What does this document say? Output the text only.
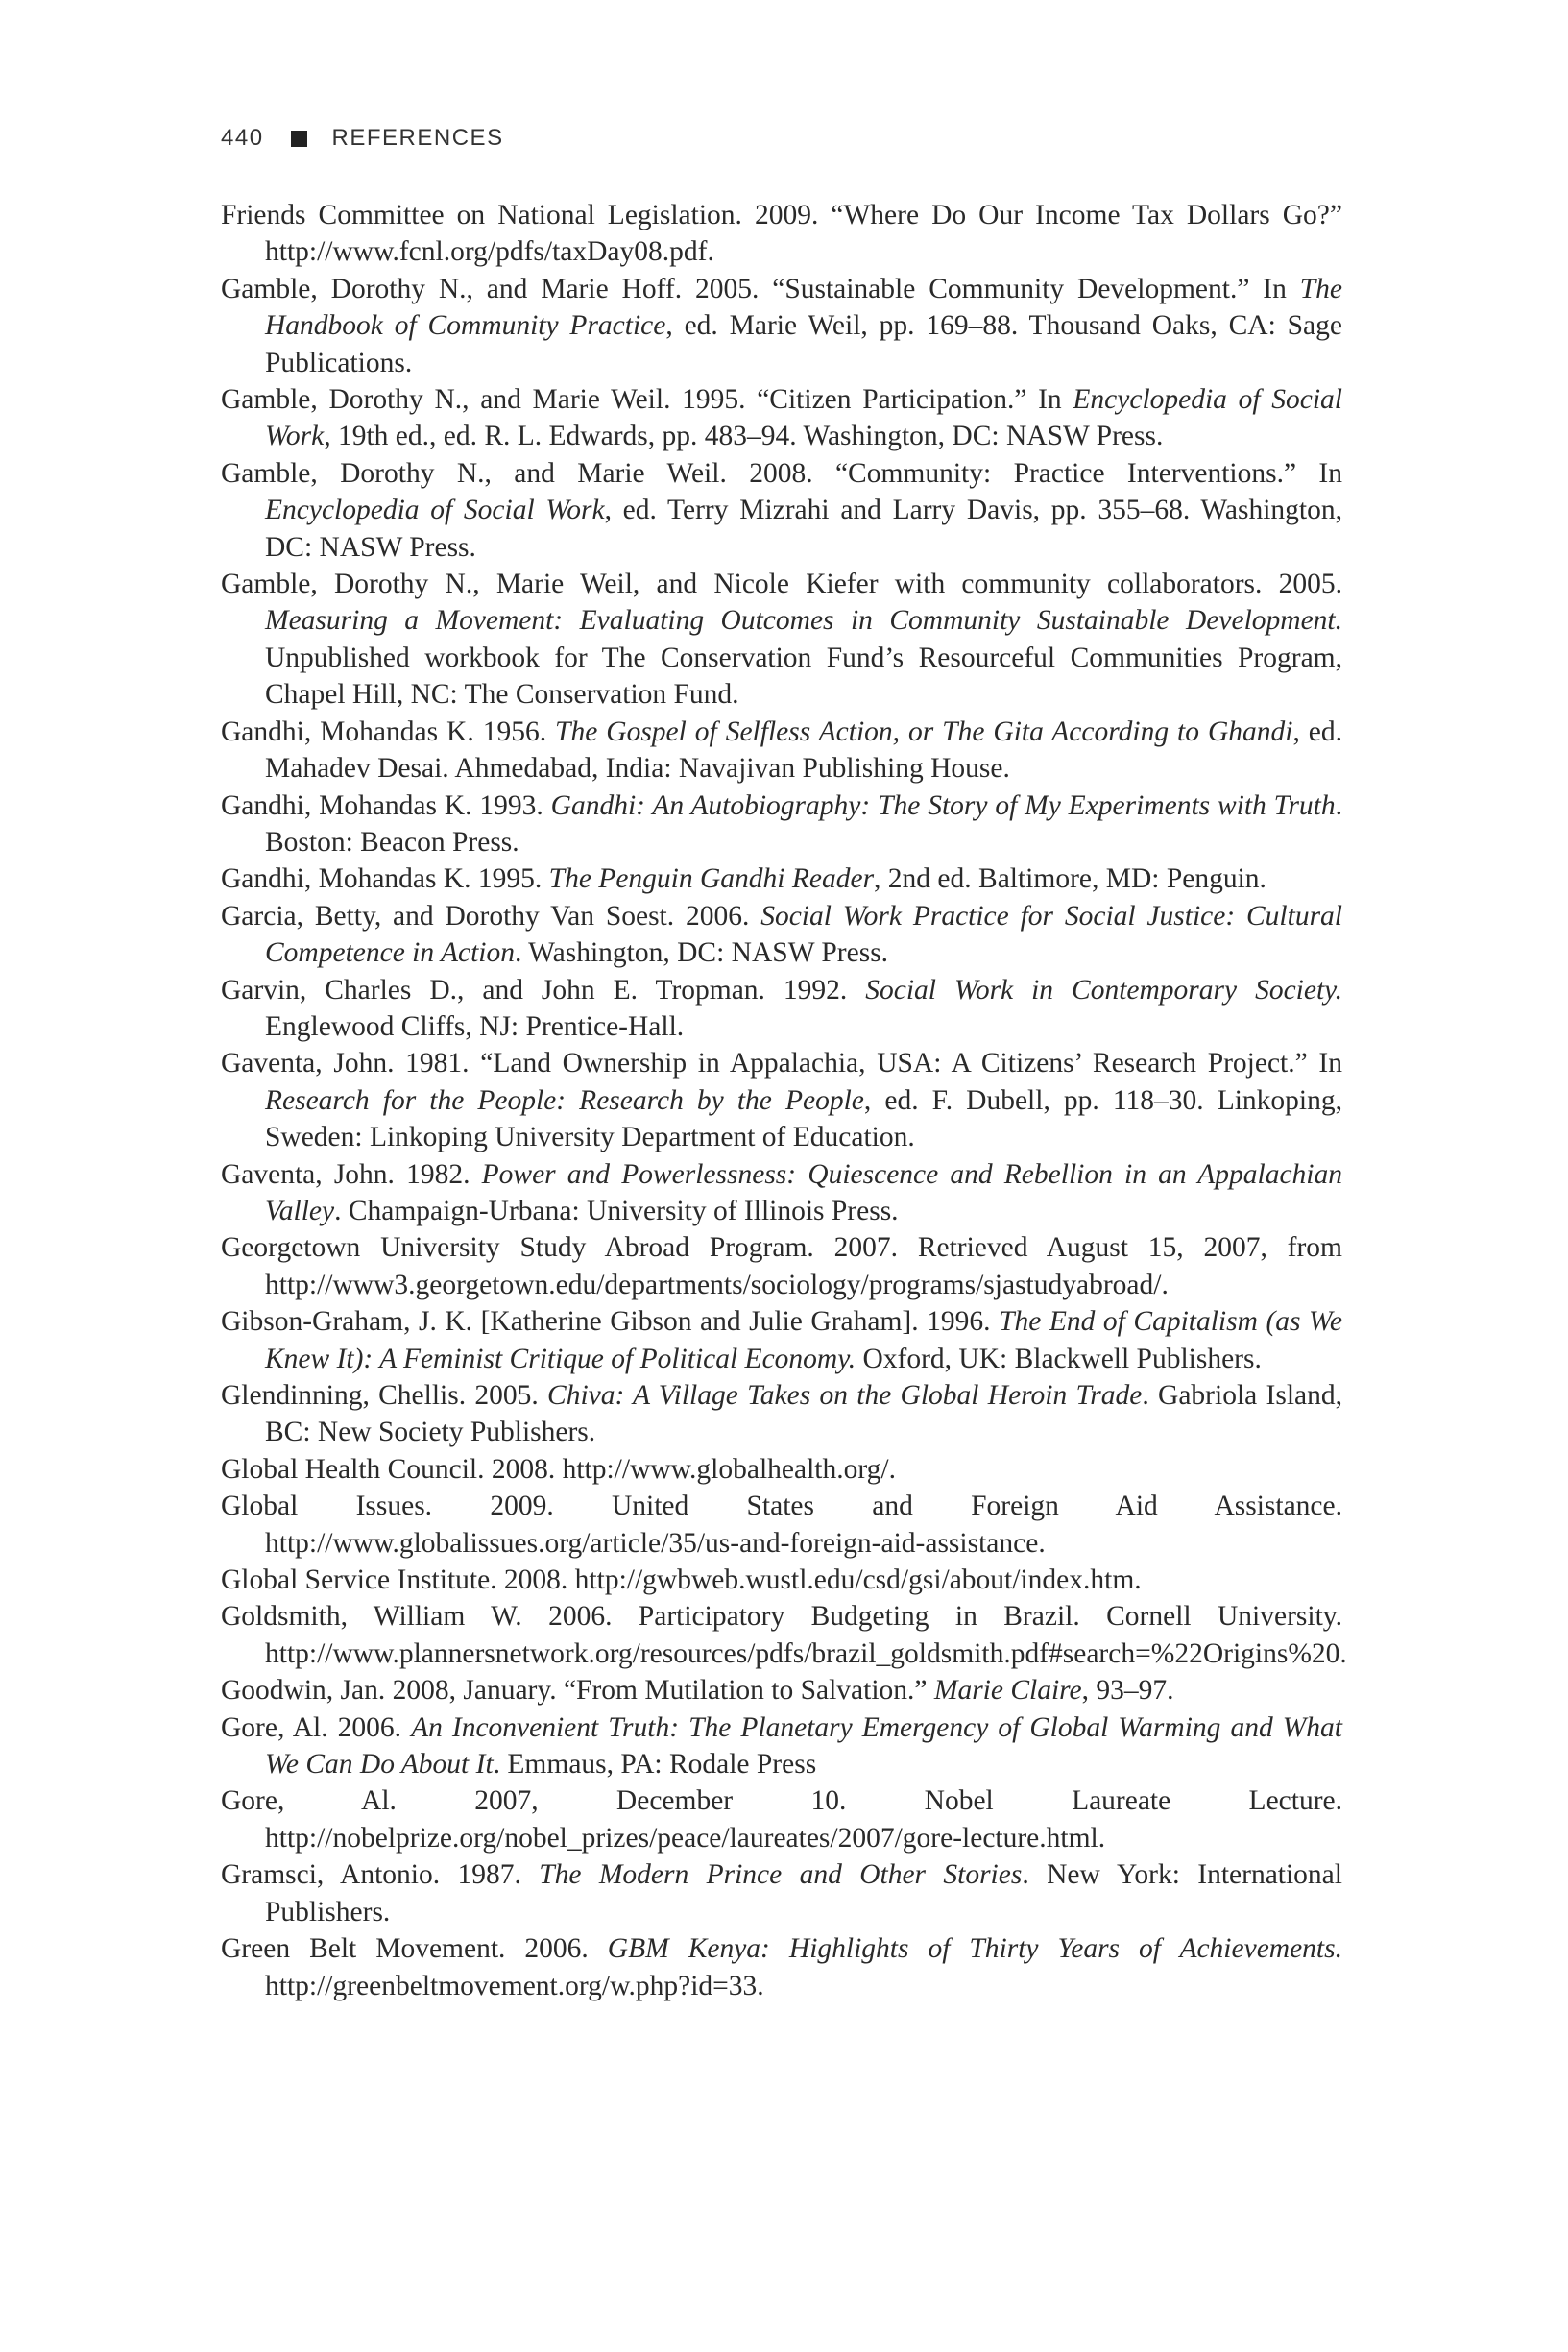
440	REFERENCES

Friends Committee on National Legislation. 2009. “Where Do Our Income Tax Dollars Go?” http://www.fcnl.org/pdfs/taxDay08.pdf.

Gamble, Dorothy N., and Marie Hoff. 2005. “Sustainable Community Development.” In The Handbook of Community Practice, ed. Marie Weil, pp. 169–88. Thousand Oaks, CA: Sage Publications.

Gamble, Dorothy N., and Marie Weil. 1995. “Citizen Participation.” In Encyclopedia of Social Work, 19th ed., ed. R. L. Edwards, pp. 483–94. Washington, DC: NASW Press.

Gamble, Dorothy N., and Marie Weil. 2008. “Community: Practice Interventions.” In Encyclopedia of Social Work, ed. Terry Mizrahi and Larry Davis, pp. 355–68. Washington, DC: NASW Press.

Gamble, Dorothy N., Marie Weil, and Nicole Kiefer with community collaborators. 2005. Measuring a Movement: Evaluating Outcomes in Community Sustainable Development. Unpublished workbook for The Conservation Fund’s Resourceful Communities Program, Chapel Hill, NC: The Conservation Fund.

Gandhi, Mohandas K. 1956. The Gospel of Selfless Action, or The Gita According to Ghandi, ed. Mahadev Desai. Ahmedabad, India: Navajivan Publishing House.

Gandhi, Mohandas K. 1993. Gandhi: An Autobiography: The Story of My Experiments with Truth. Boston: Beacon Press.

Gandhi, Mohandas K. 1995. The Penguin Gandhi Reader, 2nd ed. Baltimore, MD: Penguin.

Garcia, Betty, and Dorothy Van Soest. 2006. Social Work Practice for Social Justice: Cultural Competence in Action. Washington, DC: NASW Press.

Garvin, Charles D., and John E. Tropman. 1992. Social Work in Contemporary Society. Englewood Cliffs, NJ: Prentice-Hall.

Gaventa, John. 1981. “Land Ownership in Appalachia, USA: A Citizens’ Research Project.” In Research for the People: Research by the People, ed. F. Dubell, pp. 118–30. Linkoping, Sweden: Linkoping University Department of Education.

Gaventa, John. 1982. Power and Powerlessness: Quiescence and Rebellion in an Appalachian Valley. Champaign-Urbana: University of Illinois Press.

Georgetown University Study Abroad Program. 2007. Retrieved August 15, 2007, from http://www3.georgetown.edu/departments/sociology/programs/sjastudyabroad/.

Gibson-Graham, J. K. [Katherine Gibson and Julie Graham]. 1996. The End of Capitalism (as We Knew It): A Feminist Critique of Political Economy. Oxford, UK: Blackwell Publishers.

Glendinning, Chellis. 2005. Chiva: A Village Takes on the Global Heroin Trade. Gabriola Island, BC: New Society Publishers.

Global Health Council. 2008. http://www.globalhealth.org/.

Global Issues. 2009. United States and Foreign Aid Assistance. http://www.globalissues.org/article/35/us-and-foreign-aid-assistance.

Global Service Institute. 2008. http://gwbweb.wustl.edu/csd/gsi/about/index.htm.

Goldsmith, William W. 2006. Participatory Budgeting in Brazil. Cornell University. http://www.plannersnetwork.org/resources/pdfs/brazil_goldsmith.pdf#search=%22Origins%20.

Goodwin, Jan. 2008, January. “From Mutilation to Salvation.” Marie Claire, 93–97.

Gore, Al. 2006. An Inconvenient Truth: The Planetary Emergency of Global Warming and What We Can Do About It. Emmaus, PA: Rodale Press

Gore, Al. 2007, December 10. Nobel Laureate Lecture. http://nobelprize.org/nobel_prizes/peace/laureates/2007/gore-lecture.html.

Gramsci, Antonio. 1987. The Modern Prince and Other Stories. New York: International Publishers.

Green Belt Movement. 2006. GBM Kenya: Highlights of Thirty Years of Achievements. http://greenbeltmovement.org/w.php?id=33.
